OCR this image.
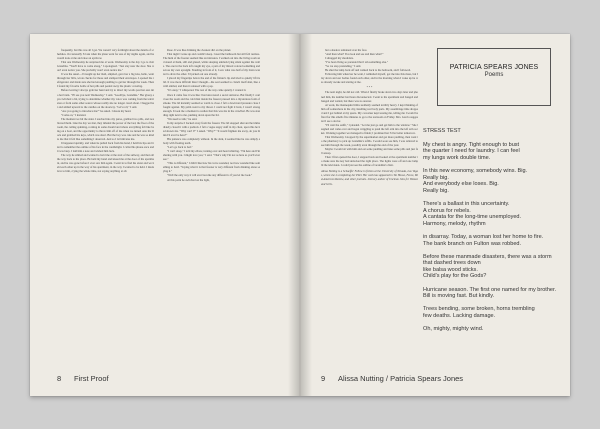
frequently, but this was all I got. We weren't very forthright about the details of schedules. Occasionally I'd ask when his plane went for one of my nights again, and he would look at me and raise an eyebrow.

That one Wednesday he surprised me at work. Wednesday is the day I go to visit Grandma. "You'll have to come along," I apologized. "Just stay near the door. She won't even notice you. She probably won't even notice me."

It was the usual—I brought up her mail, emptied, gave her a big kiss, hello, went through her bills, wrote checks for those and stamped their envelopes. I opened the refrigerator and made sure she had enough pudding to get her through the week. Then I found my favorite bottle of her pills and peeled away the plastic covering.

Before leaving I always grab her hand and try to direct my words past her ears into her brain. "I'll see you next Wednesday," I said. "Goodbye, Grandma." Her glassy eyes twitched a bit, trying to determine whether my voice was coming from the television or from some other source whose reality she no longer cared about. I hugged her and smiled upward to the candles on the doorway. "Let's roll," I said.

"Are you going to introduce me?" he asked. I shook my head.

"Come on," I insisted.

The moment we hit the stairs I reached into my purse, grabbed two pills, and swallowed them. Like the day we met, they inhaled the power of the bed, the floor of the room, the ceiling spinning, rocking in some dream land where everything felt like being on a boat, and the opportunity to throw him off of me when we turned onto his block and grabbed his keys, which was short. But the boy was cute and he was so kind to me that it felt like something I deserved. And so I let him kiss me.

It happened quickly, and when he pulled back from his hand, I held his lips and tried to remember the outline of his face in the candlelight. I called his phone once and it was busy. I laid him a note and wished him luck.

The way he smiled and wanted to hold me at the start of the subway, and then all the way back to his place. He held my hand and kissed me at the door of his apartment, and he was gone before I ever saw him again. I went in to find his sister and we held each other up in the way of his apartment, in the way I wanted to be held. I made love to him, crying the whole time, not saying anything at all.

Rose. It was like drinking the cleanest dirt on the planet.

That night I woke up and couldn't sleep. I used the bathroom but still felt restless. The hum of the freezer seemed like an intrusion. I walked out into the living room and stared at them, still and glazed, while sleeping animals lying silent against the walls. The one in the back left caught my eye, a pair of my mixed colored something and across my own eyesight. Standing in front of it, I saw what was half of my brain wanted to draw the other. I'd picked out one already.

I placed my fingertips below the end of the fixture's lip and tried to quietly lift its lid. It was more difficult than I thought—the seal seemed to clench itself shut, like a wild animal, and then it released with a pop.

"It's okay," I whispered. The rest of the way came quietly. I wanted it.

Once it came free it was like I had uncovered a secret universe. But finally I could see the room and the cold mist inside the freezer pressed into a mysterious form of smoke. The lid instantly seemed so warm to close. I felt a downward pressure close I fought against. My palm went to my throat. I could not fight it back, I wasn't strong enough. It took me a moment to realize that this was me in the crawlhel. He was standing right next to me, pushing down upon the lid.

"We need to talk," he said.

In my surprise I backed away from the freezer. The lid snapped shut and he immediately closed it with a padlock. I felt a vague angry stuff in my chest, upon this he had shown me. "Why can't I?" I asked. "Why?" "It would frighten me away, do you think I'd ever be here?"

His patience was completely without. In the dark, it seemed like he was simply a body with floating teeth.

"Let's go back to bed."

"I can't sleep," I told my elbow, turning over and head whirring. "I'm here and I'm sharing with you. I might love you," I said. "That's why I'm not as here as you'll ever see."

"This is different," I didn't like how his voice sounded, nor how sounded like something to hold. "Saying what it is that freezer is very different from drinking alone saying it."

"Well the only way it will ever become any different is if you let me look."

At this point he switched on the light,

8 First Proof

but a shadow remained over his face.

"And then what? You look and see and then what?"

I shrugged my shoulders.

"I've been living so paranoid that I am something else."

"So we stop pretending," I said.

He shut the lamp back off and walked back to the bedroom, and I followed.

Following him wherever he went, I reminded myself, got me into this mess, but I lay down and our bodies found each other, and in the morning when I woke up he was already awake and staring at me.

* * *

The next night, he did not call. When I finally broke down two days later and phoned him, his number had been disconnected. I went to his apartment and banged and banged and waited, but there was no answer.

At work, the mannequin limbs suddenly seemed terribly heavy. I kept thinking of him off somewhere in the city, handling real body parts. My assemblage time dropped and I got behind at my quota. My coworker kept teasing me, telling me I would be fired for this smells five minutes to go to the restroom on Friday. Mrs. Garcia suggested I see a doctor.

"I'll wait the outfit," I pleaded. "Let me just go and get him to the window." She laughed and came over and began wriggling to push the left arm into the left arm socket. Working together we managed to finish; I promised her I'd be better tomorrow.

That Wednesday I stopped by the supermarket and got more pudding, then went to the pharmacy to pick up Grandma's refills. I would soon see him, I was relieved to see him through the week, possibly even through the end of the year.

Maybe I would sit with him and eat some pudding and take some pills and just fall asleep.

Then I first opened the door, I stepped back and looked at the apartment number to make sure the key had unlocked the right place. The lights were off and one lamp lit the television. I could just see the outline of Grandma's chair.

Alissa Nutting is a Schaeffer Fellow in fiction at the University of Nevada, Las Vegas, where she is completing her PhD. Her work has appeared in Tin House, Fence, Mid-American Review, and other journals. Literary author of Unclean Jobs for Women and Girls.

PATRICIA SPEARS JONES
Poems
STRESS TEST
My chest is angry. Tight enough to bust
the quarter I need for laundry. I can feel
my lungs work double time.
In this new economy, somebody wins. Big.
Really big.
And everybody else loses. Big.
Really big.
There's a ballast in this uncertainty.
A chorus for rebels.
A cantata for the long-time unemployed.
Harmony, melody, rhythm
in disarray. Today, a woman lost her home to fire.
The bank branch on Fulton was robbed.
Before these manmade disasters, there was a storm
that dashed trees down
like balsa wood sticks.
Child's play for the Gods?
Hurricane season. The first one named for my brother.
Bill is moving fast. But kindly.
Trees bending, some broken, horns trembling
few deaths. Lacking damage.
Oh, mighty, mighty wind.
9 Alissa Nutting / Patricia Spears Jones
